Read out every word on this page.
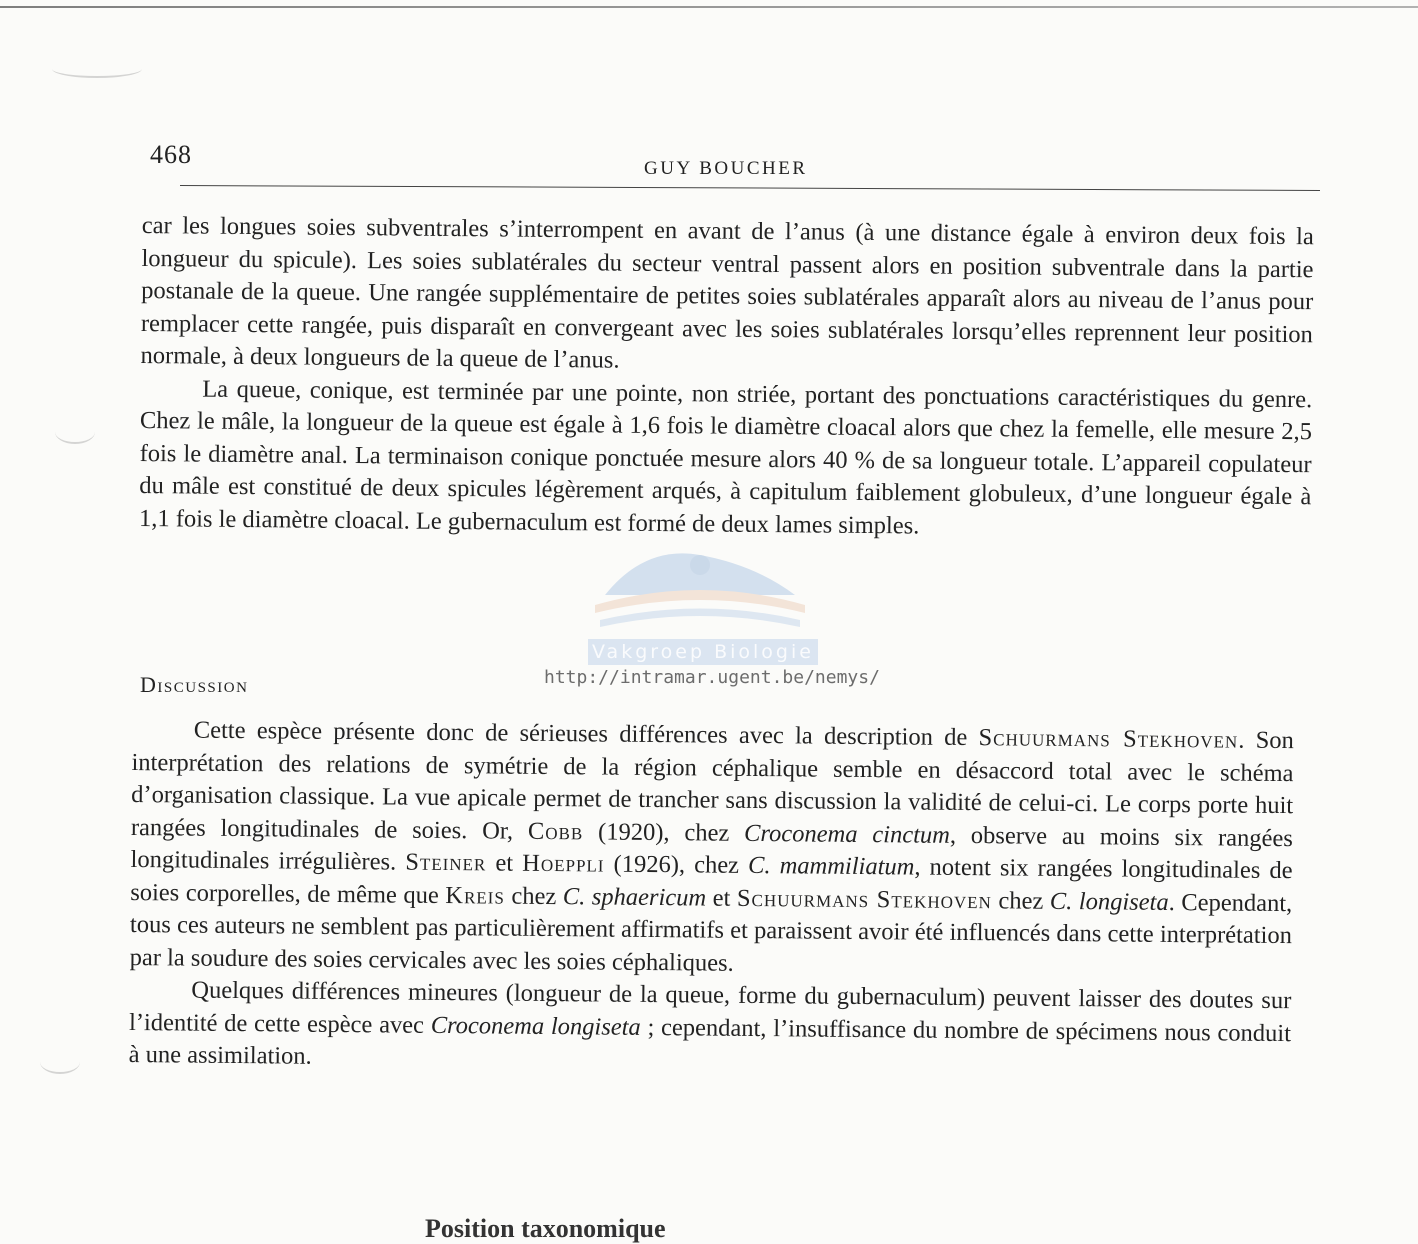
468	GUY BOUCHER

car les longues soies subventrales s’interrompent en avant de l’anus (à une distance égale à environ deux fois la longueur du spicule). Les soies sublatérales du secteur ventral passent alors en position subventrale dans la partie postanale de la queue. Une rangée supplémentaire de petites soies sublatérales apparaît alors au niveau de l’anus pour remplacer cette rangée, puis disparaît en convergeant avec les soies sublatérales lorsqu’elles reprennent leur position normale, à deux longueurs de la queue de l’anus.

La queue, conique, est terminée par une pointe, non striée, portant des ponctuations caractéristiques du genre. Chez le mâle, la longueur de la queue est égale à 1,6 fois le diamètre cloacal alors que chez la femelle, elle mesure 2,5 fois le diamètre anal. La terminaison conique ponctuée mesure alors 40 % de sa longueur totale. L’appareil copulateur du mâle est constitué de deux spicules légèrement arqués, à capitulum faiblement globuleux, d’une longueur égale à 1,1 fois le diamètre cloacal. Le gubernaculum est formé de deux lames simples.

Vakgroep Biologie
http://intramar.ugent.be/nemys/
Discussion

Cette espèce présente donc de sérieuses différences avec la description de Schuurmans Stekhoven. Son interprétation des relations de symétrie de la région céphalique semble en désaccord total avec le schéma d’organisation classique. La vue apicale permet de trancher sans discussion la validité de celui-ci. Le corps porte huit rangées longitudinales de soies. Or, Cobb (1920), chez Croconema cinctum, observe au moins six rangées longitudinales irrégulières. Steiner et Hoeppli (1926), chez C. mammiliatum, notent six rangées longitudinales de soies corporelles, de même que Kreis chez C. sphaericum et Schuurmans Stekhoven chez C. longiseta. Cependant, tous ces auteurs ne semblent pas particulièrement affirmatifs et paraissent avoir été influencés dans cette interprétation par la soudure des soies cervicales avec les soies céphaliques.

Quelques différences mineures (longueur de la queue, forme du gubernaculum) peuvent laisser des doutes sur l’identité de cette espèce avec Croconema longiseta ; cependant, l’insuffisance du nombre de spécimens nous conduit à une assimilation.

Position taxonomique
